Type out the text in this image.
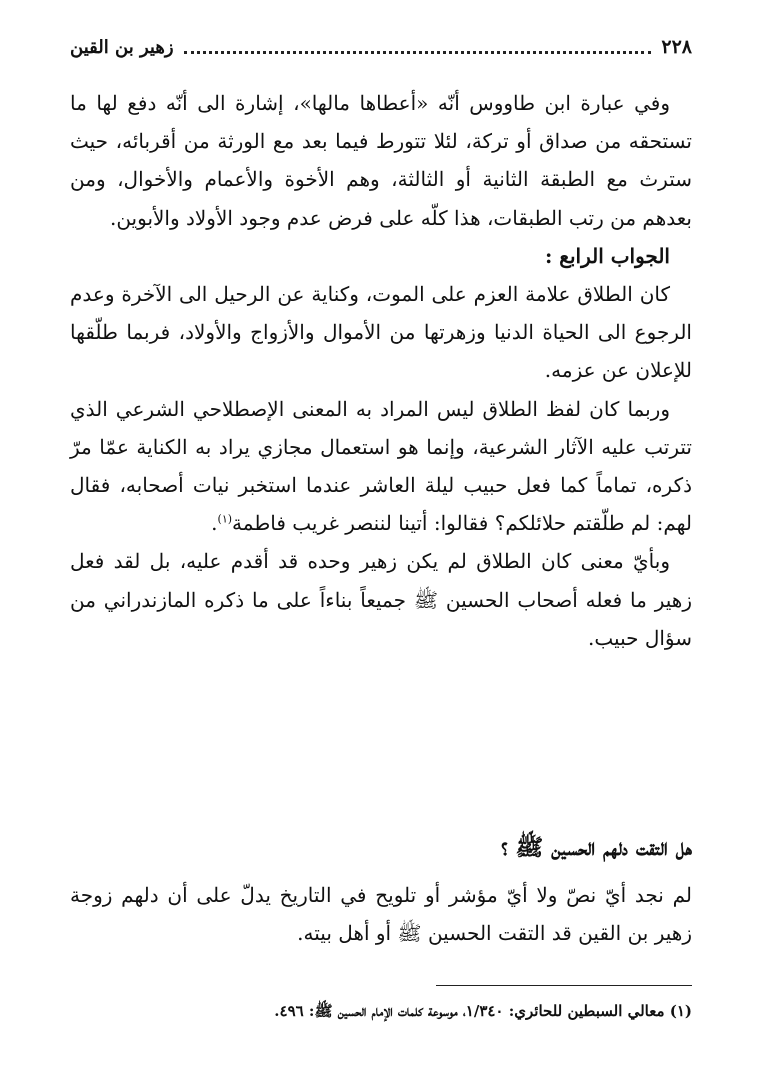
٢٢٨
زهير بن القين

وفي عبارة ابن طاووس أنّه «أعطاها مالها»، إشارة الى أنّه دفع لها ما تستحقه من صداق أو تركة، لئلا تتورط فيما بعد مع الورثة من أقربائه، حيث سترث مع الطبقة الثانية أو الثالثة، وهم الأخوة والأعمام والأخوال، ومن بعدهم من رتب الطبقات، هذا كلّه على فرض عدم وجود الأولاد والأبوين.

الجواب الرابع :

كان الطلاق علامة العزم على الموت، وكناية عن الرحيل الى الآخرة وعدم الرجوع الى الحياة الدنيا وزهرتها من الأموال والأزواج والأولاد، فربما طلّقها للإعلان عن عزمه.

وربما كان لفظ الطلاق ليس المراد به المعنى الإصطلاحي الشرعي الذي تترتب عليه الآثار الشرعية، وإنما هو استعمال مجازي يراد به الكناية عمّا مرّ ذكره، تماماً كما فعل حبيب ليلة العاشر عندما استخبر نيات أصحابه، فقال لهم: لم طلّقتم حلائلكم؟ فقالوا: أتينا لننصر غريب فاطمة$^{(١)}$.

وبأيّ معنى كان الطلاق لم يكن زهير وحده قد أقدم عليه، بل لقد فعل زهير ما فعله أصحاب الحسين ﷺ جميعاً بناءاً على ما ذكره المازندراني من سؤال حبيب.

هل التقت دلهم الحسين ﷺ ؟
لم نجد أيّ نصّ ولا أيّ مؤشر أو تلويح في التاريخ يدلّ على أن دلهم زوجة زهير بن القين قد التقت الحسين ﷺ أو أهل بيته.
(١) معالي السبطين للحائري: ١/٣٤٠، موسوعة كلمات الإمام الحسين ﷺ: ٤٩٦.
